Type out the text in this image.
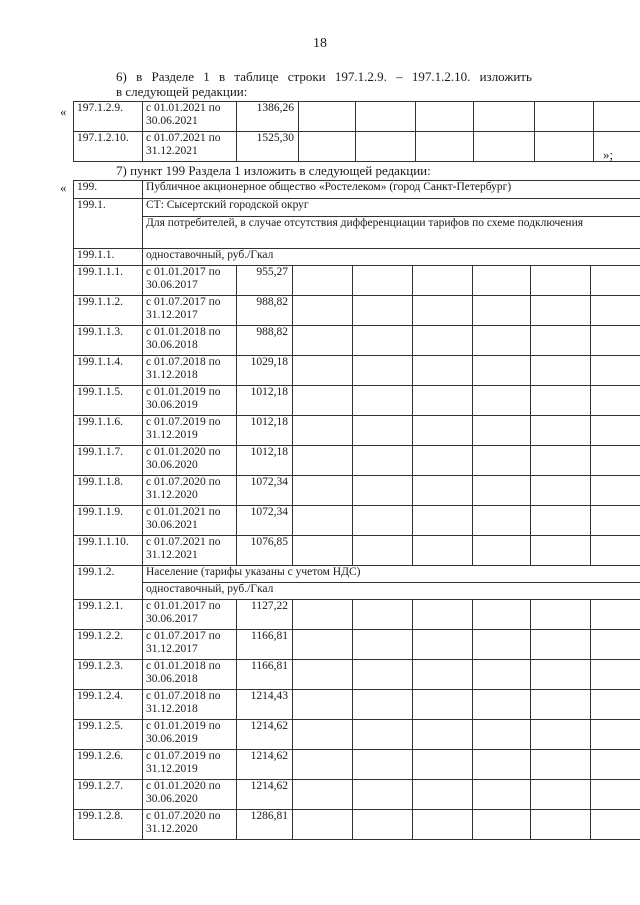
18
6) в Разделе 1 в таблице строки 197.1.2.9. – 197.1.2.10. изложить
в следующей редакции:
« 197.1.2.9.	с 01.01.2021 по
30.06.2021	1386,26						
197.1.2.10.	с 01.07.2021 по
31.12.2021	1525,30						
»;
7) пункт 199 Раздела 1 изложить в следующей редакции:
« 199.	Публичное акционерное общество «Ростелеком» (город Санкт-Петербург)							
199.1.	СТ: Сысертский городской округ							
	Для потребителей, в случае отсутствия дифференциации тарифов по схеме подключения							
199.1.1.	одноставочный, руб./Гкал							
199.1.1.1.	с 01.01.2017 по
30.06.2017	955,27						
199.1.1.2.	с 01.07.2017 по
31.12.2017	988,82						
199.1.1.3.	с 01.01.2018 по
30.06.2018	988,82						
199.1.1.4.	с 01.07.2018 по
31.12.2018	1029,18						
199.1.1.5.	с 01.01.2019 по
30.06.2019	1012,18						
199.1.1.6.	с 01.07.2019 по
31.12.2019	1012,18						
199.1.1.7.	с 01.01.2020 по
30.06.2020	1012,18						
199.1.1.8.	с 01.07.2020 по
31.12.2020	1072,34						
199.1.1.9.	с 01.01.2021 по
30.06.2021	1072,34						
199.1.1.10.	с 01.07.2021 по
31.12.2021	1076,85						
199.1.2.	Население (тарифы указаны с учетом НДС)							
	одноставочный, руб./Гкал							
199.1.2.1.	с 01.01.2017 по
30.06.2017	1127,22						
199.1.2.2.	с 01.07.2017 по
31.12.2017	1166,81						
199.1.2.3.	с 01.01.2018 по
30.06.2018	1166,81						
199.1.2.4.	с 01.07.2018 по
31.12.2018	1214,43						
199.1.2.5.	с 01.01.2019 по
30.06.2019	1214,62						
199.1.2.6.	с 01.07.2019 по
31.12.2019	1214,62						
199.1.2.7.	с 01.01.2020 по
30.06.2020	1214,62						
199.1.2.8.	с 01.07.2020 по
31.12.2020	1286,81						
